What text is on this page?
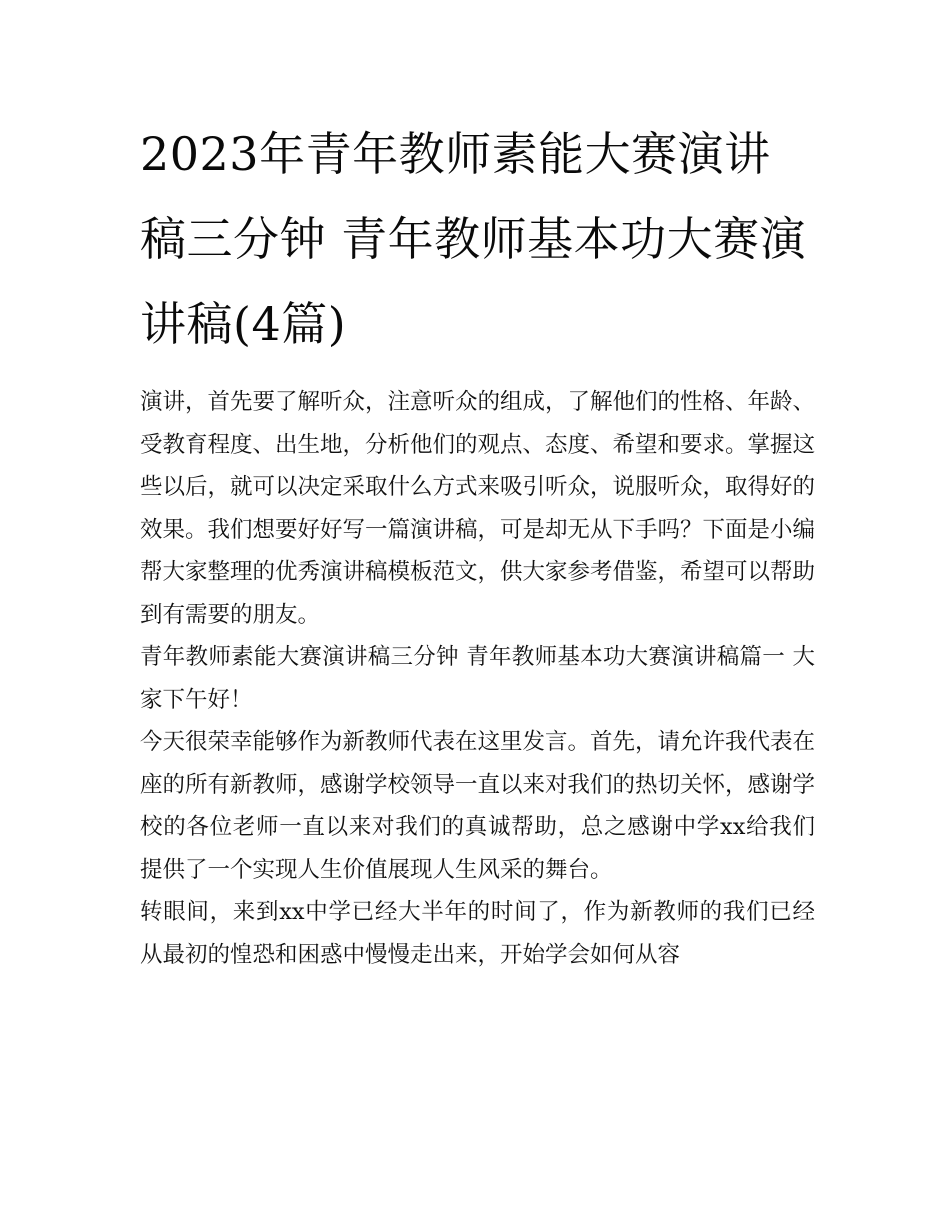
2023年青年教师素能大赛演讲稿三分钟 青年教师基本功大赛演讲稿(4篇)

演讲，首先要了解听众，注意听众的组成，了解他们的性格、年龄、受教育程度、出生地，分析他们的观点、态度、希望和要求。掌握这些以后，就可以决定采取什么方式来吸引听众，说服听众，取得好的效果。我们想要好好写一篇演讲稿，可是却无从下手吗？下面是小编帮大家整理的优秀演讲稿模板范文，供大家参考借鉴，希望可以帮助到有需要的朋友。

青年教师素能大赛演讲稿三分钟 青年教师基本功大赛演讲稿篇一 大家下午好！

今天很荣幸能够作为新教师代表在这里发言。首先，请允许我代表在座的所有新教师，感谢学校领导一直以来对我们的热切关怀，感谢学校的各位老师一直以来对我们的真诚帮助，总之感谢中学xx给我们提供了一个实现人生价值展现人生风采的舞台。

转眼间，来到xx中学已经大半年的时间了，作为新教师的我们已经从最初的惶恐和困惑中慢慢走出来，开始学会如何从容
